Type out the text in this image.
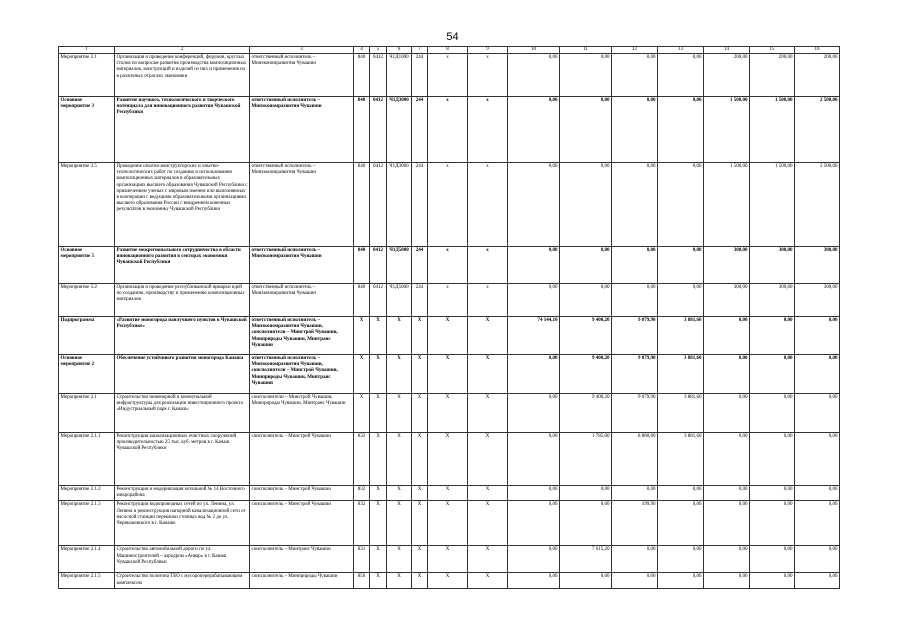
54
1	2	3	4	5	6	7	8	9	10	11	12	13	14	15	16
Мероприятие 2.1	Организация и проведение конференций, форумов, круглых столов по вопросам развития производства композиционных материалов, конструкций и изделий из них и применения их в различных отраслях экономики	ответственный исполнитель – Минэкономразвития Чувашии	840	0412	Ч1Д1000	244	х	х	0,00	0,00	0,00	0,00	200,00	200,00	200,00
Основное мероприятие 3	Развитие научного, технологического и творческого потенциала для инновационного развития Чувашской Республики	ответственный исполнитель – Минэкономразвития Чувашии	840	0412	Ч1Д3000	244	х	х	0,00	0,00	0,00	0,00	1 500,00	1 500,00	2 500,00
Мероприятие 3.5	Проведение опытно-конструкторских и опытно-технологических работ по созданию и использованию композиционных материалов в образовательных организациях высшего образования Чувашской Республики с привлечением ученых с мировым именем или выполняемых в кооперации с ведущими образовательными организациями высшего образования России с внедрением конечных результатов в экономику Чувашской Республики	ответственный исполнитель – Минэкономразвития Чувашии	840	0412	Ч1Д3000	244	х	х	0,00	0,00	0,00	0,00	1 500,00	1 500,00	2 500,00
Основное мероприятие 5	Развитие межрегионального сотрудничества в области инновационного развития в секторах экономики Чувашской Республики	ответственный исполнитель – Минэкономразвития Чувашии	840	0412	Ч1Д5000	244	х	х	0,00	0,00	0,00	0,00	300,00	300,00	300,00
Мероприятие 5.2	Организация и проведение республиканской ярмарки идей по созданию, производству и применению композиционных материалов	ответственный исполнитель – Минэкономразвития Чувашии	840	0412	Ч1Д5000	244	х	х	0,00	0,00	0,00	0,00	300,00	300,00	300,00
Подпрограмма	«Развитие моногорода наилучшего пунктов в Чувашской Республике»	ответственный исполнитель – Минэкономразвития Чувашии, соисполнители – Минстрой Чувашии, Минприроды Чувашии, Минтранс Чувашии	Х	Х	Х	Х	Х	Х	74 144,10	9 400,20	9 079,90	3 881,60	0,00	0,00	0,00
Основное мероприятие 2	Обеспечение устойчивого развития моногорода Канаша	ответственный исполнитель – Минэкономразвития Чувашии, соисполнители – Минстрой Чувашии, Минприроды Чувашии, Минтранс Чувашии	Х	Х	Х	Х	Х	Х	0,00	9 400,20	9 079,90	3 881,60	0,00	0,00	0,00
Мероприятие 2.1	Строительство инженерной и коммунальной инфраструктуры для реализации инвестиционного проекта «Индустриальный парк г. Канаш»	соисполнители – Минстрой Чувашии, Минприроды Чувашии, Минтранс Чувашии	Х	Х	Х	Х	Х	Х	0,00	9 400,20	9 079,90	3 881,60	0,00	0,00	0,00
Мероприятие 2.1.1	Реконструкция канализационных очистных сооружений производительностью 25 тыс. куб. метров в г. Канаш Чувашской Республики	соисполнитель – Минстрой Чувашии	832	Х	Х	Х	Х	Х	0,00	1 785,00	8 880,00	3 881,60	0,00	0,00	0,00
Мероприятие 2.1.2	Реконструкция и модернизация котельной № 14 Восточного микрорайона	соисполнитель – Минстрой Чувашии	832	Х	Х	Х	Х	Х	0,00	0,00	0,00	0,00	0,00	0,00	0,00
Мероприятие 2.1.3	Реконструкция водопроводных сетей по ул. Ленина, ул. Ленина и реконструкция напорной канализационной сети от насосной станции перекачки сточных вод № 2 до ул. Чернышевского в г. Канаше	соисполнитель – Минстрой Чувашии	832	Х	Х	Х	Х	Х	0,00	0,00	199,90	0,00	0,00	0,00	0,00
Мероприятие 2.1.4	Строительство автомобильной дороги по ул. Машиностроителей – аэродром «Анвар» в г. Канаш Чувашской Республики	соисполнитель – Минтранс Чувашии	831	Х	Х	Х	Х	Х	0,00	7 615,20	0,00	0,00	0,00	0,00	0,00
Мероприятие 2.1.5	Строительство полигона ТБО с мусороперерабатывающим комплексом	соисполнитель – Минприроды Чувашии	850	Х	Х	Х	Х	Х	0,00	0,00	0,00	0,00	0,00	0,00	0,00
